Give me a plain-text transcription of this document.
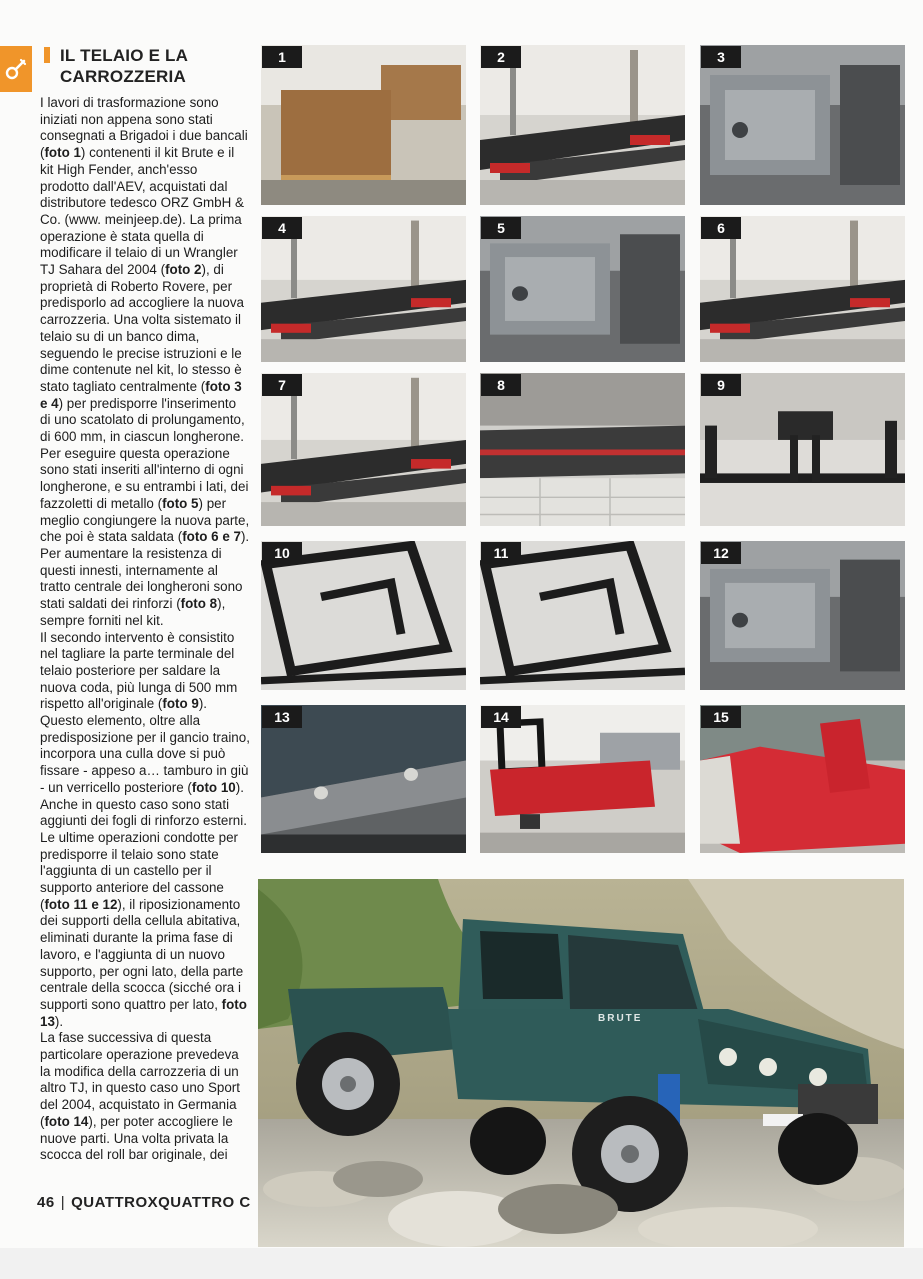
IL TELAIO E LA
CARROZZERIA

I lavori di trasformazione sono iniziati non appena sono stati consegnati a Brigadoi i due bancali (foto 1) contenenti il kit Brute e il kit High Fender, anch'esso prodotto dall'AEV, acquistati dal distributore tedesco ORZ GmbH & Co. (www. meinjeep.de). La prima operazione è stata quella di modificare il telaio di un Wrangler TJ Sahara del 2004 (foto 2), di proprietà di Roberto Rovere, per predisporlo ad accogliere la nuova carrozzeria. Una volta sistemato il telaio su di un banco dima, seguendo le precise istruzioni e le dime contenute nel kit, lo stesso è stato tagliato centralmente (foto 3 e 4) per predisporre l'inserimento di uno scatolato di prolungamento, di 600 mm, in ciascun longherone. Per eseguire questa operazione sono stati inseriti all'interno di ogni longherone, e su entrambi i lati, dei fazzoletti di metallo (foto 5) per meglio congiungere la nuova parte, che poi è stata saldata (foto 6 e 7). Per aumentare la resistenza di questi innesti, internamente al tratto centrale dei longheroni sono stati saldati dei rinforzi (foto 8), sempre forniti nel kit.
Il secondo intervento è consistito nel tagliare la parte terminale del telaio posteriore per saldare la nuova coda, più lunga di 500 mm rispetto all'originale (foto 9). Questo elemento, oltre alla predisposizione per il gancio traino, incorpora una culla dove si può fissare - appeso a… tamburo in giù - un verricello posteriore (foto 10).
Anche in questo caso sono stati aggiunti dei fogli di rinforzo esterni. Le ultime operazioni condotte per predisporre il telaio sono state l'aggiunta di un castello per il supporto anteriore del cassone (foto 11 e 12), il riposizionamento dei supporti della cellula abitativa, eliminati durante la prima fase di lavoro, e l'aggiunta di un nuovo supporto, per ogni lato, della parte centrale della scocca (sicché ora i supporti sono quattro per lato, foto 13).
La fase successiva di questa particolare operazione prevedeva la modifica della carrozzeria di un altro TJ, in questo caso uno Sport del 2004, acquistato in Germania (foto 14), per poter accogliere le nuove parti. Una volta privata la scocca del roll bar originale, dei

1	2	3
4	5	6
7	8	9
10	11	12
13	14	15
BRUTE
46 | QUATTROXQUATTRO C
